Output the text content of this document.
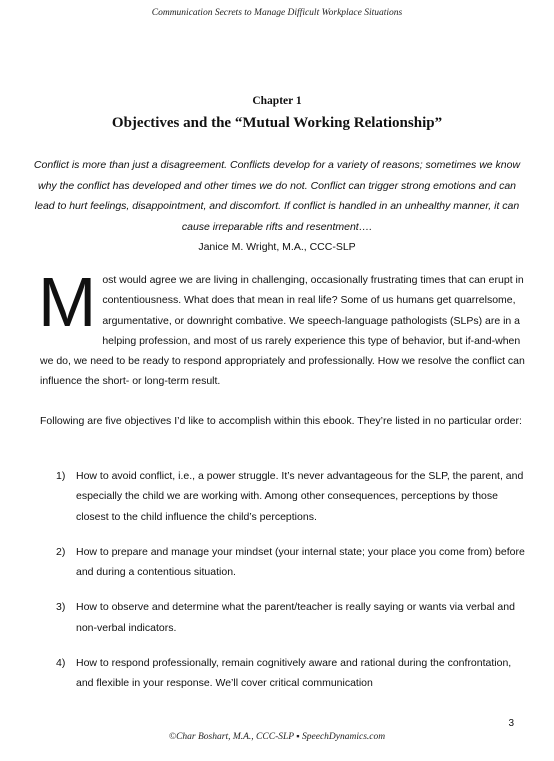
Communication Secrets to Manage Difficult Workplace Situations
Chapter 1
Objectives and the “Mutual Working Relationship”

Conflict is more than just a disagreement. Conflicts develop for a variety of reasons; sometimes we know why the conflict has developed and other times we do not. Conflict can trigger strong emotions and can lead to hurt feelings, disappointment, and discomfort. If conflict is handled in an unhealthy manner, it can cause irreparable rifts and resentment….

Janice M. Wright, M.A., CCC-SLP

Most would agree we are living in challenging, occasionally frustrating times that can erupt in contentiousness. What does that mean in real life? Some of us humans get quarrelsome, argumentative, or downright combative. We speech-language pathologists (SLPs) are in a helping profession, and most of us rarely experience this type of behavior, but if-and-when we do, we need to be ready to respond appropriately and professionally. How we resolve the conflict can influence the short- or long-term result.

Following are five objectives I’d like to accomplish within this ebook. They’re listed in no particular order:

1) How to avoid conflict, i.e., a power struggle. It’s never advantageous for the SLP, the parent, and especially the child we are working with. Among other consequences, perceptions by those closest to the child influence the child’s perceptions.
2) How to prepare and manage your mindset (your internal state; your place you come from) before and during a contentious situation.
3) How to observe and determine what the parent/teacher is really saying or wants via verbal and non-verbal indicators.
4) How to respond professionally, remain cognitively aware and rational during the confrontation, and flexible in your response. We’ll cover critical communication
3
©Char Boshart, M.A., CCC-SLP ▪ SpeechDynamics.com
